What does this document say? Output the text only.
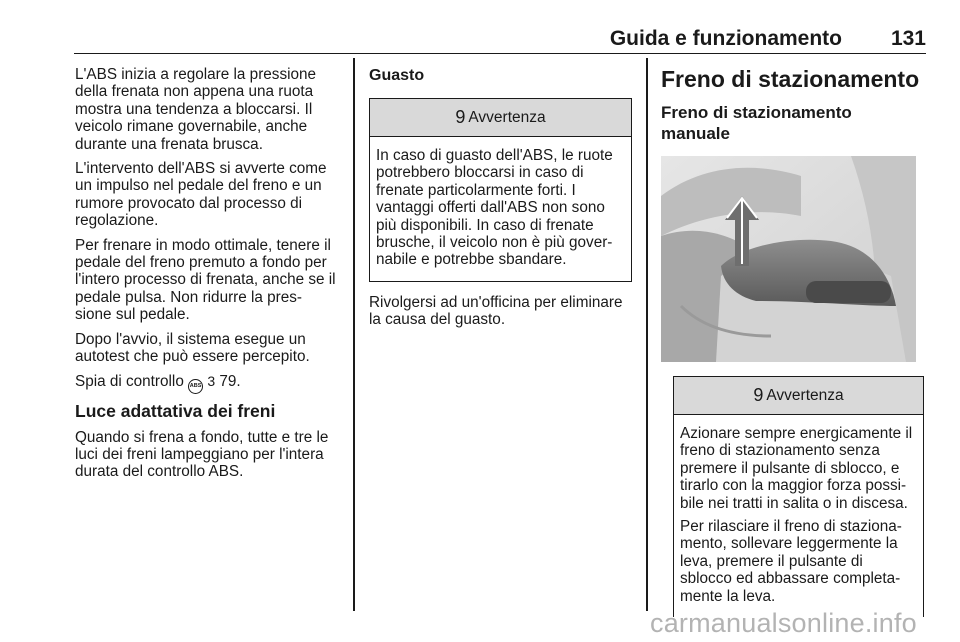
Guida e funzionamento 131

L'ABS inizia a regolare la pressione della frenata non appena una ruota mostra una tendenza a bloccarsi. Il veicolo rimane governabile, anche durante una frenata brusca.

L'intervento dell'ABS si avverte come un impulso nel pedale del freno e un rumore provocato dal processo di regolazione.

Per frenare in modo ottimale, tenere il pedale del freno premuto a fondo per l'intero processo di frenata, anche se il pedale pulsa. Non ridurre la pres- sione sul pedale.

Dopo l'avvio, il sistema esegue un autotest che può essere percepito.

Spia di controllo ABS 3 79.

Luce adattativa dei freni

Quando si frena a fondo, tutte e tre le luci dei freni lampeggiano per l'intera durata del controllo ABS.

Guasto
9 Avvertenza

In caso di guasto dell'ABS, le ruote potrebbero bloccarsi in caso di frenate particolarmente forti. I vantaggi offerti dall'ABS non sono più disponibili. In caso di frenate brusche, il veicolo non è più gover- nabile e potrebbe sbandare.

Rivolgersi ad un'officina per eliminare la causa del guasto.

Freno di stazionamento
Freno di stazionamento manuale
9 Avvertenza

Azionare sempre energicamente il freno di stazionamento senza premere il pulsante di sblocco, e tirarlo con la maggior forza possi- bile nei tratti in salita o in discesa.

Per rilasciare il freno di staziona- mento, sollevare leggermente la leva, premere il pulsante di sblocco ed abbassare completa- mente la leva.

carmanualsonline.info
